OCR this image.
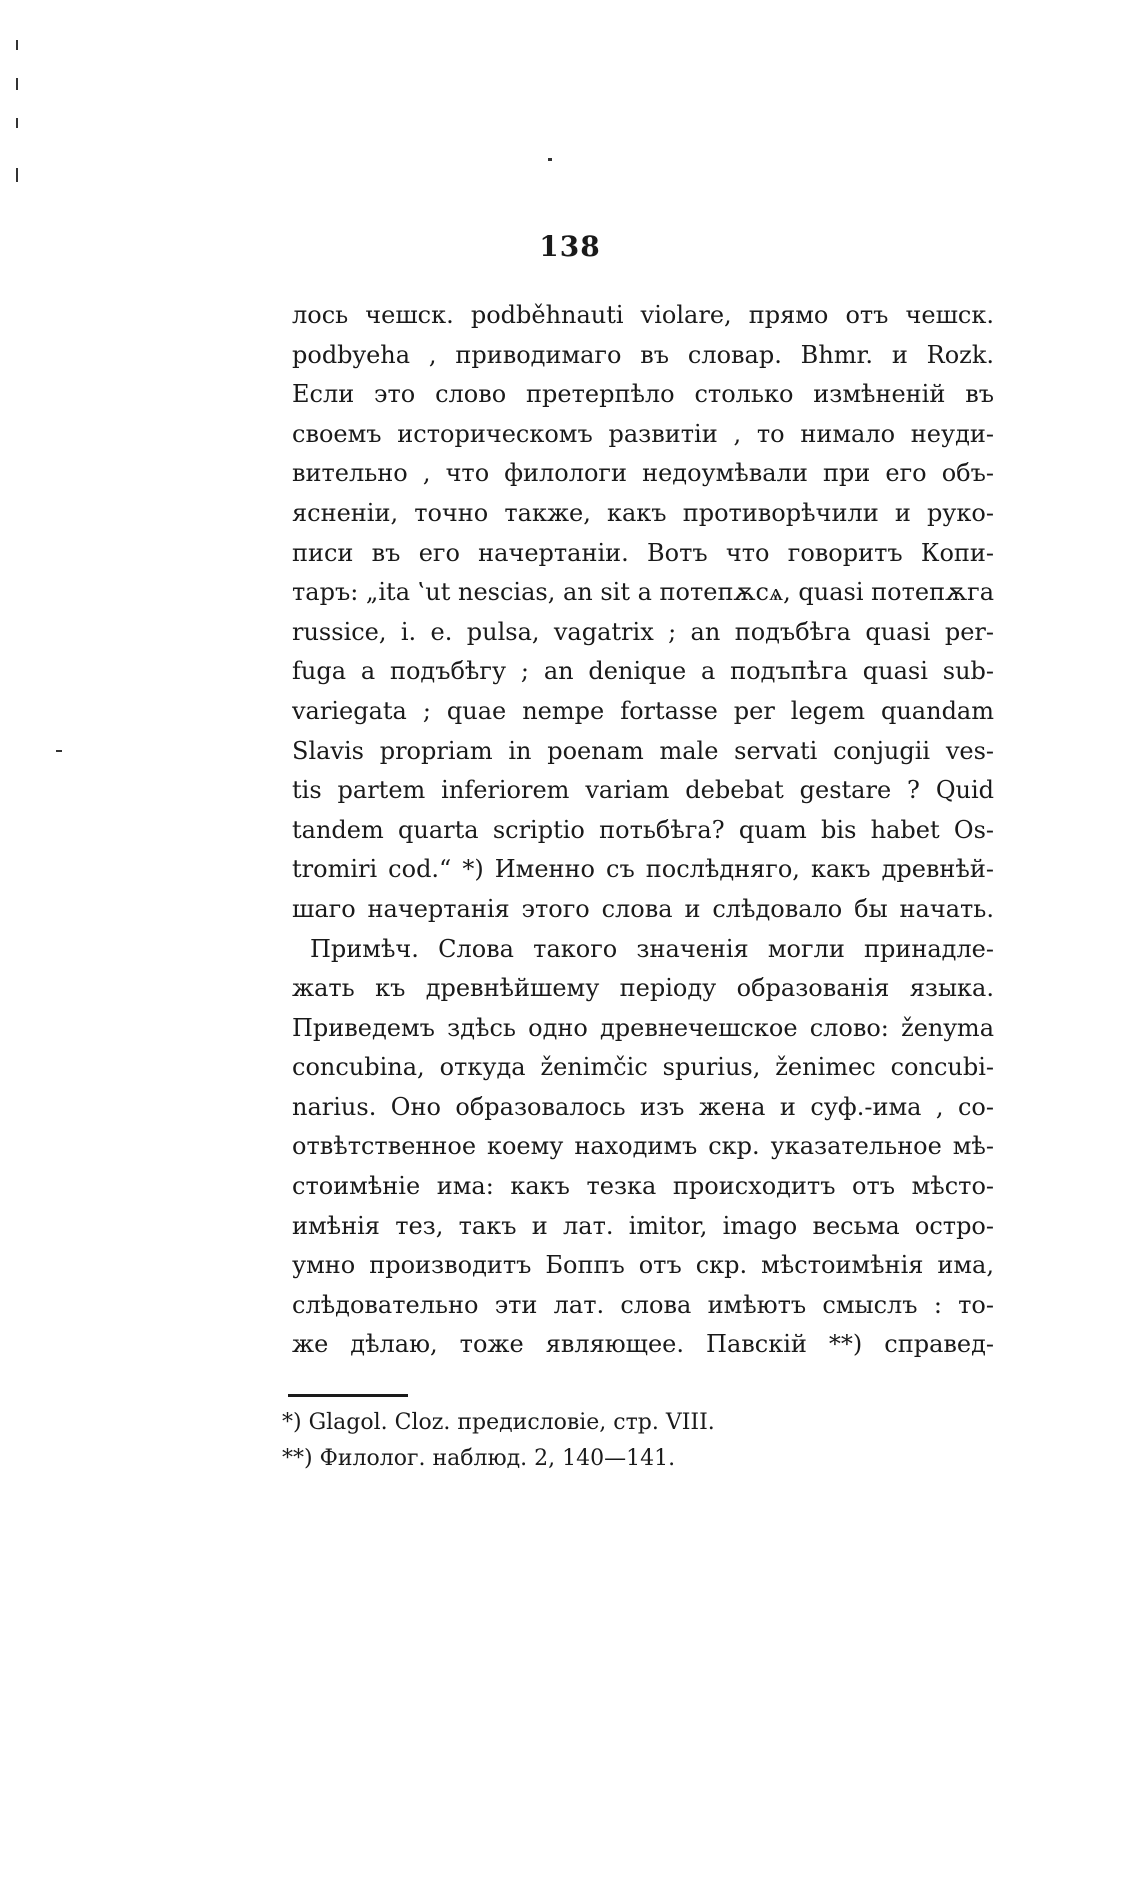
138
лось чешск. podběhnauti violare, прямо отъ чешск.
podbyeha , приводимаго въ словар. Bhmr. и Rozk.
Если это слово претерпѣло столько измѣненій въ
своемъ историческомъ развитіи , то нимало неуди-
вительно , что филологи недоумѣвали при его объ-
ясненіи, точно также, какъ противорѣчили и руко-
писи въ его начертаніи. Вотъ что говоритъ Копи-
таръ: „ita ‛ut nescias, an sit a потепѫсѧ, quasi потепѫга
russice, i. e. pulsa, vagatrix ; an подъбѣга quasi per-
fuga a подъбѣгу ; an denique a подъпѣга quasi sub-
variegata ; quae nempe fortasse per legem quandam
Slavis propriam in poenam male servati conjugii ves-
tis partem inferiorem variam debebat gestare ? Quid
tandem quarta scriptio потьбѣга? quam bis habet Os-
tromiri cod.“ *) Именно съ послѣдняго, какъ древнѣй-
шаго начертанія этого слова и слѣдовало бы начать.
Примѣч. Слова такого значенія могли принадле-
жать къ древнѣйшему періоду образованія языка.
Приведемъ здѣсь одно древнечешское слово: ženyma
concubina, откуда ženimčic spurius, ženimec concubi-
narius. Оно образовалось изъ жена и суф.-има , со-
отвѣтственное коему находимъ скр. указательное мѣ-
стоимѣніе има: какъ тезка происходитъ отъ мѣсто-
имѣнія тез, такъ и лат. imitor, imago весьма остро-
умно производитъ Боппъ отъ скр. мѣстоимѣнія има,
слѣдовательно эти лат. слова имѣютъ смыслъ : то-
же дѣлаю, тоже являющее. Павскій **) справед-
*) Glagol. Cloz. предисловіе, стр. VIII.
**) Филолог. наблюд. 2, 140—141.
